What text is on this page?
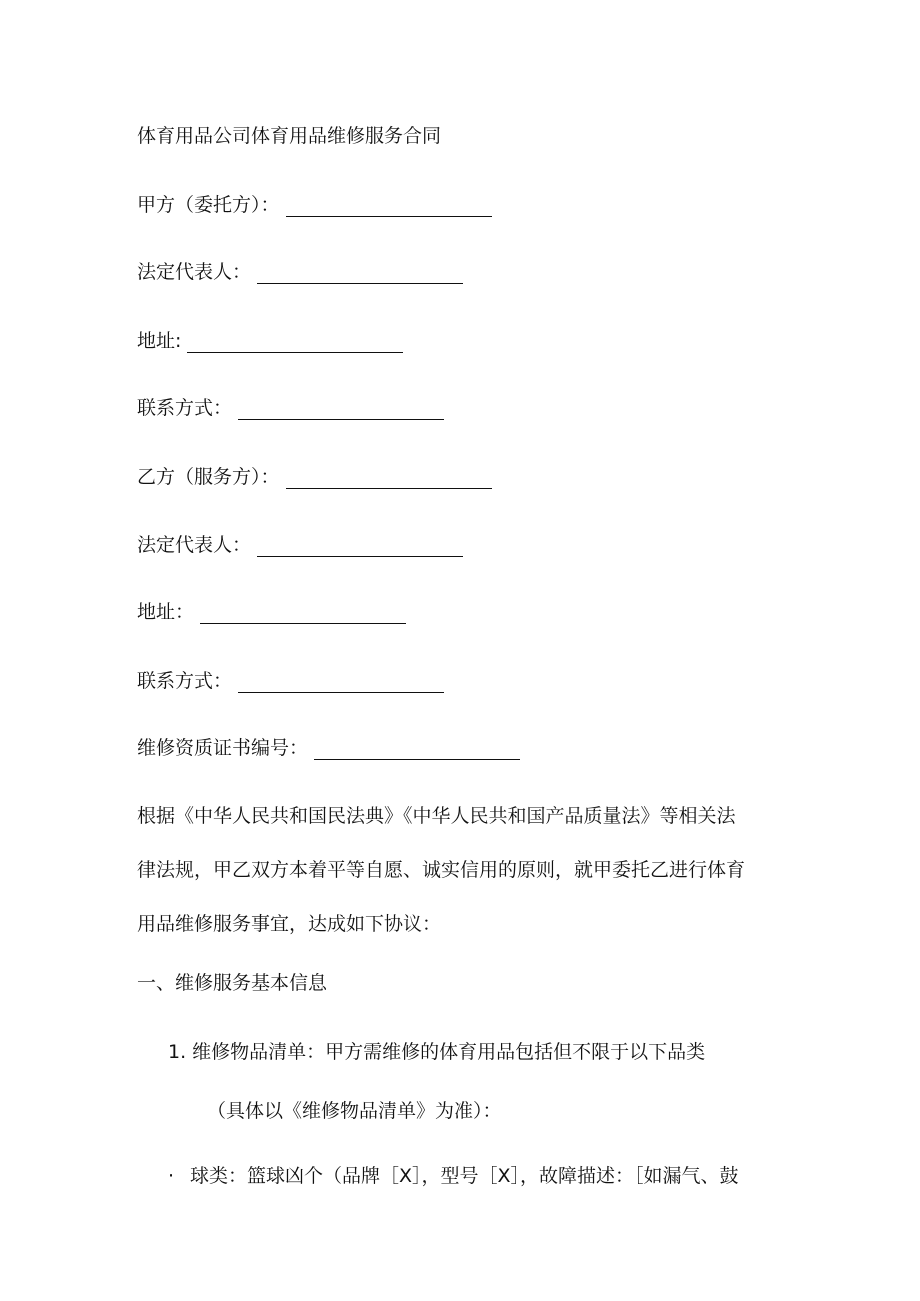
体育用品公司体育用品维修服务合同
甲方（委托方）：
法定代表人：
地址:
联系方式：
乙方（服务方）：
法定代表人：
地址：
联系方式：
维修资质证书编号：
根据《中华人民共和国民法典》《中华人民共和国产品质量法》等相关法
律法规，甲乙双方本着平等自愿、诚实信用的原则，就甲委托乙进行体育
用品维修服务事宜，达成如下协议：
一、维修服务基本信息
1. 维修物品清单：甲方需维修的体育用品包括但不限于以下品类
（具体以《维修物品清单》为准）：
· 球类：篮球凶个（品牌［X］，型号［X］，故障描述：［如漏气、鼓
